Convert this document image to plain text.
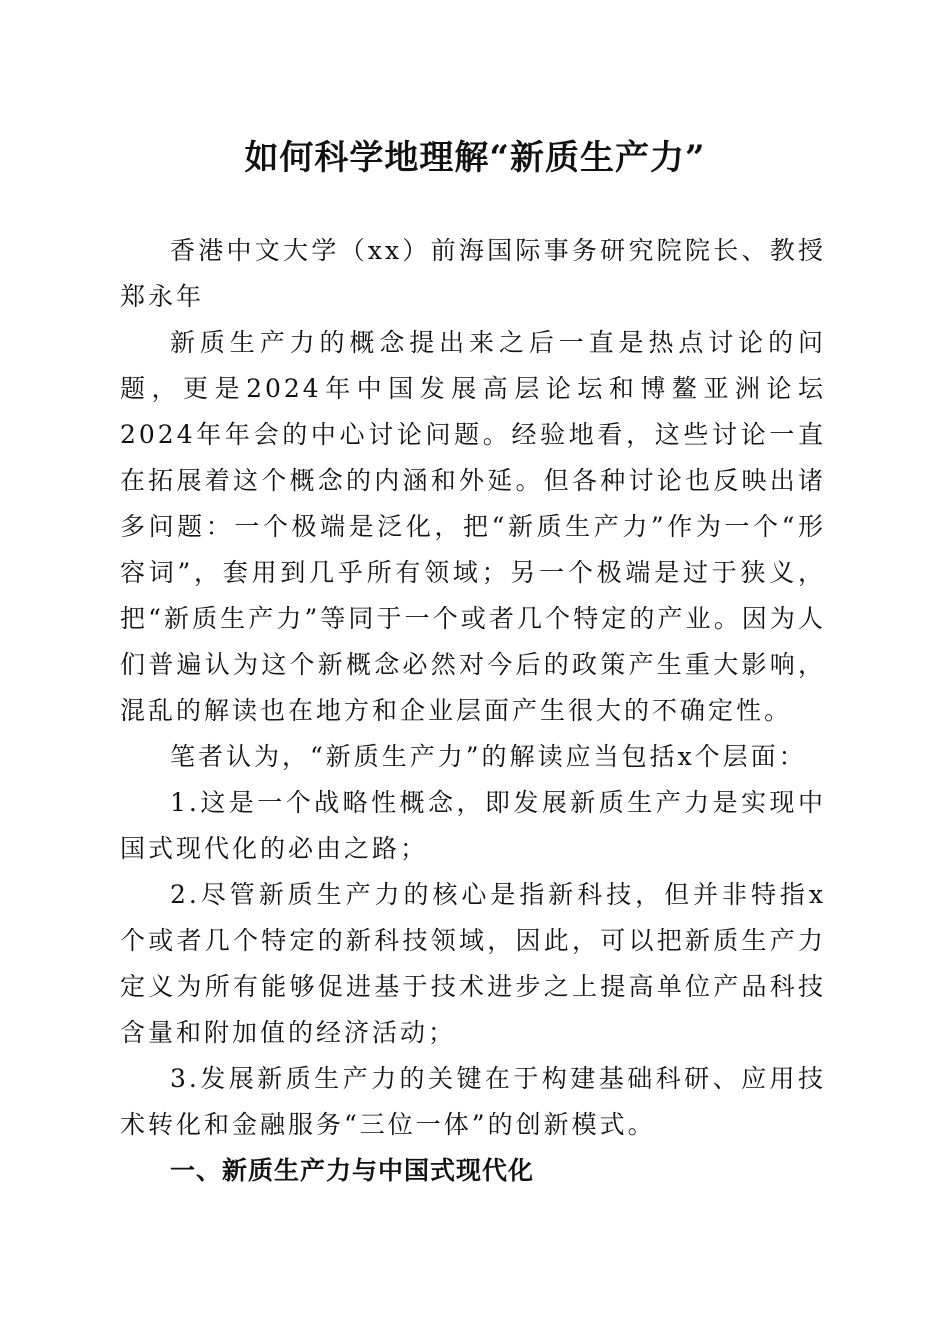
如何科学地理解“新质生产力”

香港中文大学（xx）前海国际事务研究院院长、教授郑永年

新质生产力的概念提出来之后一直是热点讨论的问题，更是2024年中国发展高层论坛和博鳌亚洲论坛2024年年会的中心讨论问题。经验地看，这些讨论一直在拓展着这个概念的内涵和外延。但各种讨论也反映出诸多问题：一个极端是泛化，把“新质生产力”作为一个“形容词”，套用到几乎所有领域；另一个极端是过于狭义，把“新质生产力”等同于一个或者几个特定的产业。因为人们普遍认为这个新概念必然对今后的政策产生重大影响，混乱的解读也在地方和企业层面产生很大的不确定性。

笔者认为，“新质生产力”的解读应当包括x个层面：

1.这是一个战略性概念，即发展新质生产力是实现中国式现代化的必由之路；

2.尽管新质生产力的核心是指新科技，但并非特指x个或者几个特定的新科技领域，因此，可以把新质生产力定义为所有能够促进基于技术进步之上提高单位产品科技含量和附加值的经济活动；

3.发展新质生产力的关键在于构建基础科研、应用技术转化和金融服务“三位一体”的创新模式。

一、新质生产力与中国式现代化
